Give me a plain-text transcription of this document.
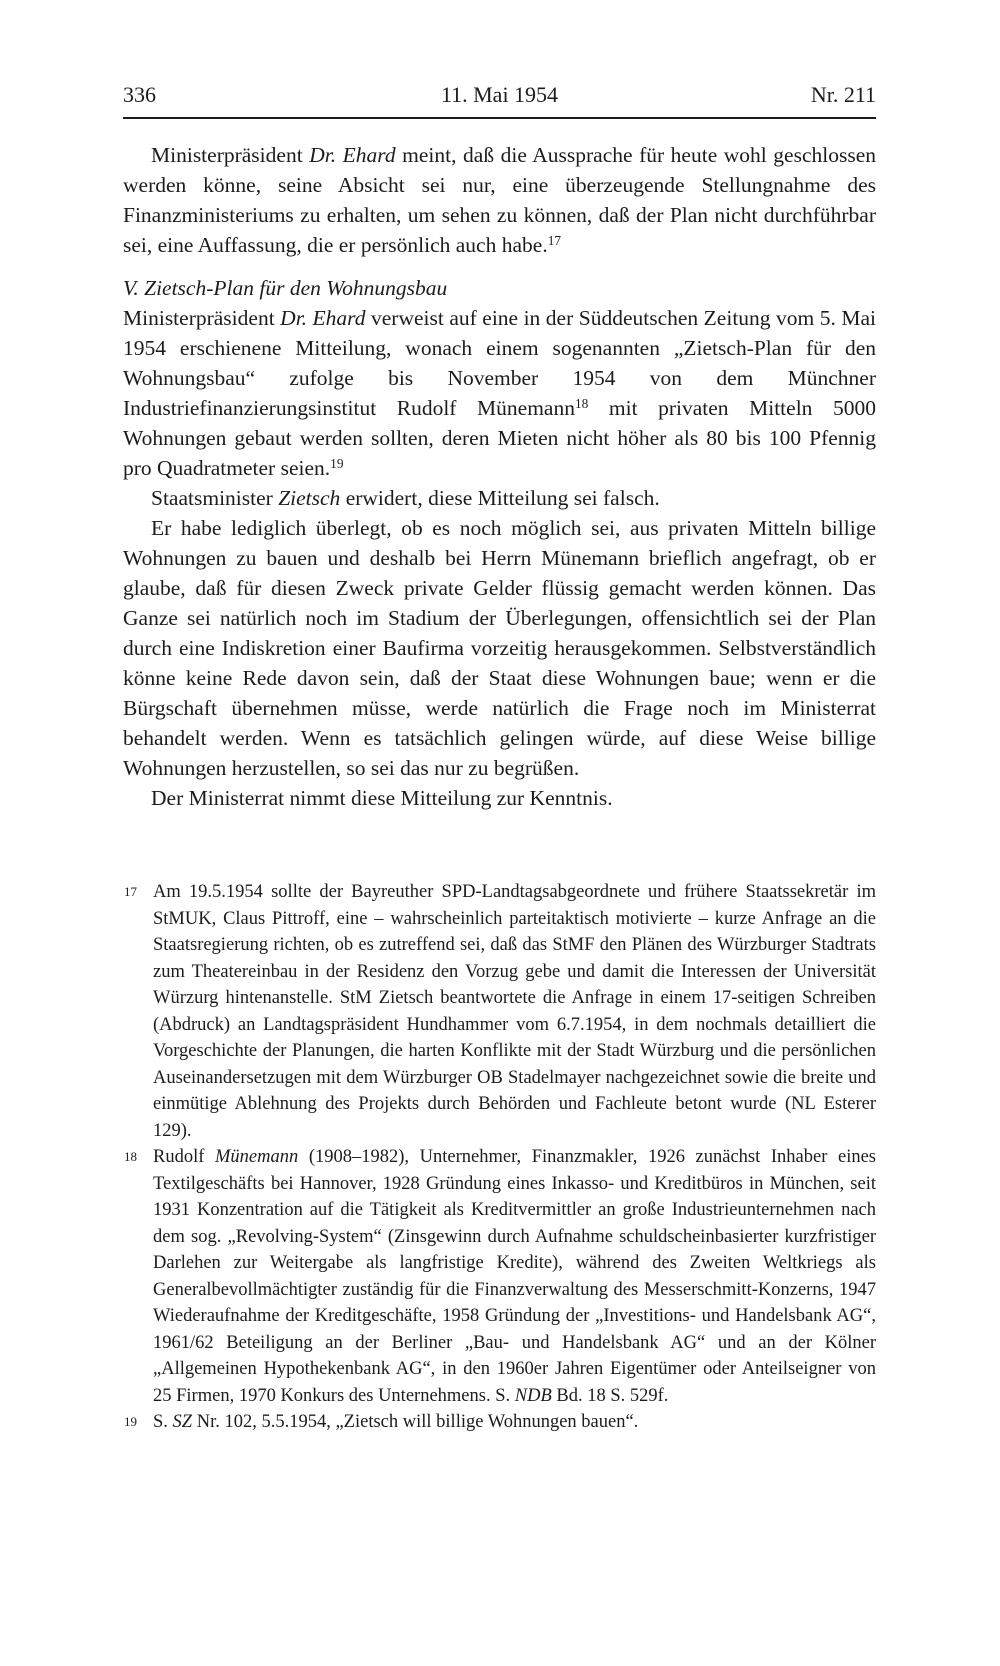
336	11. Mai 1954	Nr. 211

Ministerpräsident Dr. Ehard meint, daß die Aussprache für heute wohl geschlossen werden könne, seine Absicht sei nur, eine überzeugende Stellungnahme des Finanzministeriums zu erhalten, um sehen zu können, daß der Plan nicht durchführbar sei, eine Auffassung, die er persönlich auch habe.$^{17}$

V. Zietsch-Plan für den Wohnungsbau

Ministerpräsident Dr. Ehard verweist auf eine in der Süddeutschen Zeitung vom 5. Mai 1954 erschienene Mitteilung, wonach einem sogenannten „Zietsch-Plan für den Wohnungsbau“ zufolge bis November 1954 von dem Münchner Industriefinanzierungsinstitut Rudolf Münemann$^{18}$ mit privaten Mitteln 5000 Wohnungen gebaut werden sollten, deren Mieten nicht höher als 80 bis 100 Pfennig pro Quadratmeter seien.$^{19}$

Staatsminister Zietsch erwidert, diese Mitteilung sei falsch.

Er habe lediglich überlegt, ob es noch möglich sei, aus privaten Mitteln billige Wohnungen zu bauen und deshalb bei Herrn Münemann brieflich angefragt, ob er glaube, daß für diesen Zweck private Gelder flüssig gemacht werden können. Das Ganze sei natürlich noch im Stadium der Überlegungen, offensichtlich sei der Plan durch eine Indiskretion einer Baufirma vorzeitig herausgekommen. Selbstverständlich könne keine Rede davon sein, daß der Staat diese Wohnungen baue; wenn er die Bürgschaft übernehmen müsse, werde natürlich die Frage noch im Ministerrat behandelt werden. Wenn es tatsächlich gelingen würde, auf diese Weise billige Wohnungen herzustellen, so sei das nur zu begrüßen.

Der Ministerrat nimmt diese Mitteilung zur Kenntnis.

17 Am 19.5.1954 sollte der Bayreuther SPD-Landtagsabgeordnete und frühere Staatssekretär im StMUK, Claus Pittroff, eine – wahrscheinlich parteitaktisch motivierte – kurze Anfrage an die Staatsregierung richten, ob es zutreffend sei, daß das StMF den Plänen des Würzburger Stadtrats zum Theatereinbau in der Residenz den Vorzug gebe und damit die Interessen der Universität Würzurg hintenanstelle. StM Zietsch beantwortete die Anfrage in einem 17-seitigen Schreiben (Abdruck) an Landtagspräsident Hundhammer vom 6.7.1954, in dem nochmals detailliert die Vorgeschichte der Planungen, die harten Konflikte mit der Stadt Würzburg und die persönlichen Auseinandersetzugen mit dem Würzburger OB Stadelmayer nachgezeichnet sowie die breite und einmütige Ablehnung des Projekts durch Behörden und Fachleute betont wurde (NL Esterer 129).
18 Rudolf Münemann (1908–1982), Unternehmer, Finanzmakler, 1926 zunächst Inhaber eines Textilgeschäfts bei Hannover, 1928 Gründung eines Inkasso- und Kreditbüros in München, seit 1931 Konzentration auf die Tätigkeit als Kreditvermittler an große Industrieunternehmen nach dem sog. „Revolving-System“ (Zinsgewinn durch Aufnahme schuldscheinbasierter kurzfristiger Darlehen zur Weitergabe als langfristige Kredite), während des Zweiten Weltkriegs als Generalbevollmächtigter zuständig für die Finanzverwaltung des Messerschmitt-Konzerns, 1947 Wiederaufnahme der Kreditgeschäfte, 1958 Gründung der „Investitions- und Handelsbank AG“, 1961/62 Beteiligung an der Berliner „Bau- und Handelsbank AG“ und an der Kölner „Allgemeinen Hypothekenbank AG“, in den 1960er Jahren Eigentümer oder Anteilseigner von 25 Firmen, 1970 Konkurs des Unternehmens. S. NDB Bd. 18 S. 529f.
19 S. SZ Nr. 102, 5.5.1954, „Zietsch will billige Wohnungen bauen“.
